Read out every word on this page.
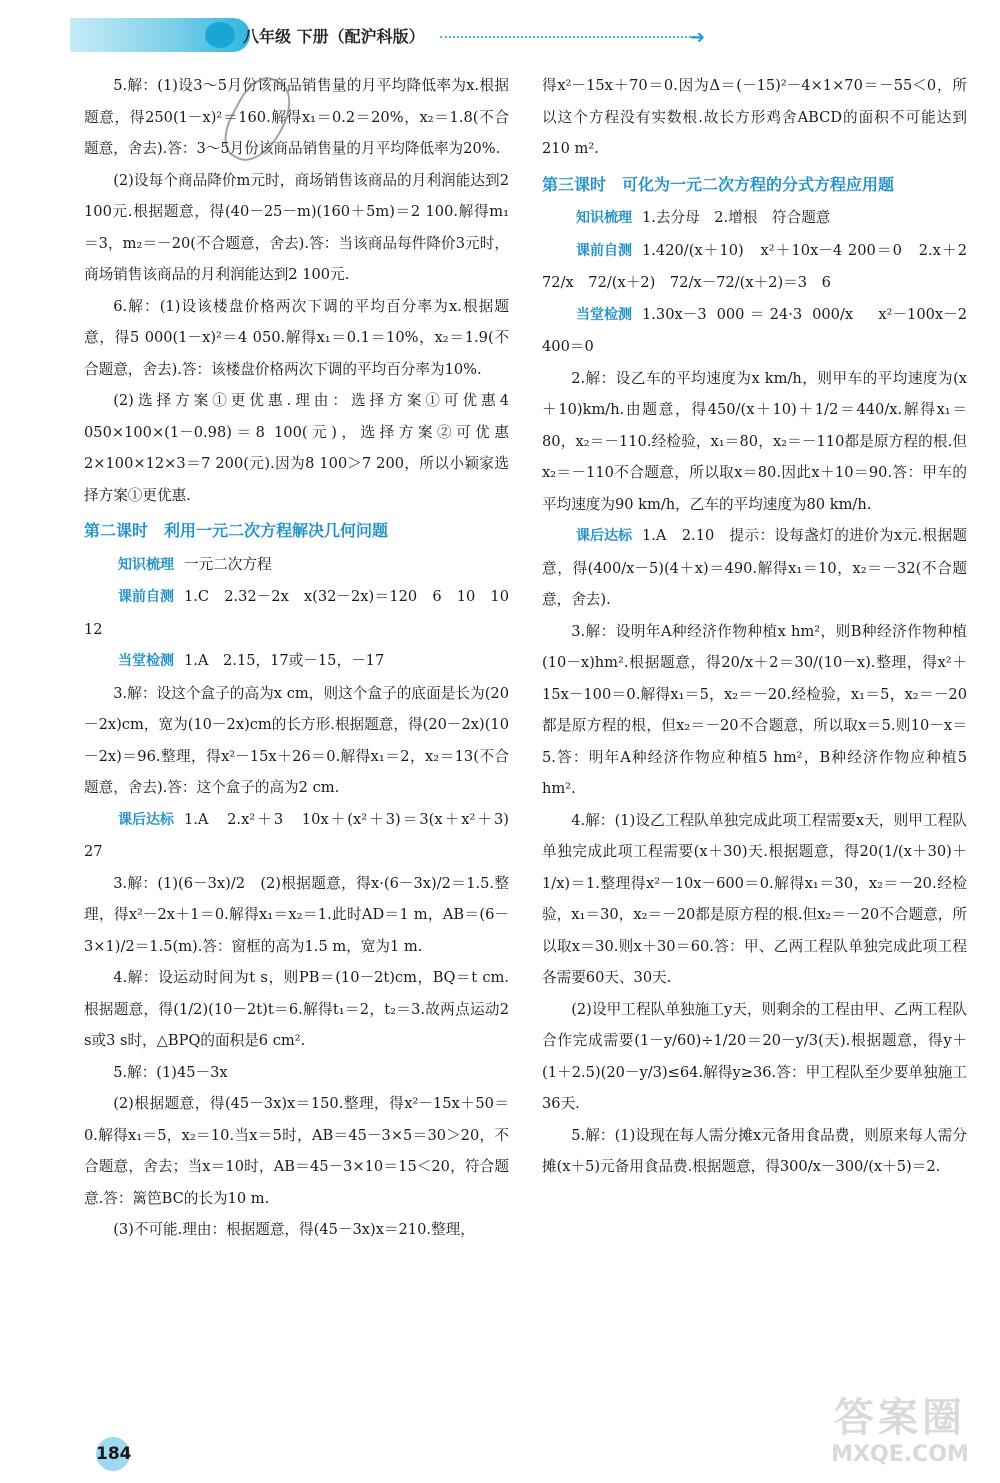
八年级 下册（配沪科版）	➜

5.解：(1)设3～5月份该商品销售量的月平均降低率为x.根据题意，得250(1－x)²＝160.解得x₁＝0.2＝20%，x₂＝1.8(不合题意，舍去).答：3～5月份该商品销售量的月平均降低率为20%.

(2)设每个商品降价m元时，商场销售该商品的月利润能达到2 100元.根据题意，得(40－25－m)(160＋5m)＝2 100.解得m₁＝3，m₂＝－20(不合题意，舍去).答：当该商品每件降价3元时，商场销售该商品的月利润能达到2 100元.

6.解：(1)设该楼盘价格两次下调的平均百分率为x.根据题意，得5 000(1－x)²＝4 050.解得x₁＝0.1＝10%，x₂＝1.9(不合题意，舍去).答：该楼盘价格两次下调的平均百分率为10%.

(2)选择方案①更优惠.理由：选择方案①可优惠4 050×100×(1－0.98)＝8 100(元)，选择方案②可优惠2×100×12×3＝7 200(元).因为8 100＞7 200，所以小颖家选择方案①更优惠.

第二课时　利用一元二次方程解决几何问题

知识梳理 一元二次方程

课前自测 1.C　2.32－2x　x(32－2x)＝120　6　10　10　12

当堂检测 1.A　2.15，17或－15，－17

3.解：设这个盒子的高为x cm，则这个盒子的底面是长为(20－2x)cm，宽为(10－2x)cm的长方形.根据题意，得(20－2x)(10－2x)＝96.整理，得x²－15x＋26＝0.解得x₁＝2，x₂＝13(不合题意，舍去).答：这个盒子的高为2 cm.

课后达标 1.A　2.x²＋3　10x＋(x²＋3)＝3(x＋x²＋3)　27

3.解：(1)(6－3x)/2　(2)根据题意，得x·(6－3x)/2＝1.5.整理，得x²－2x＋1＝0.解得x₁＝x₂＝1.此时AD＝1 m，AB＝(6－3×1)/2＝1.5(m).答：窗框的高为1.5 m，宽为1 m.

4.解：设运动时间为t s，则PB＝(10－2t)cm，BQ＝t cm.根据题意，得(1/2)(10－2t)t＝6.解得t₁＝2，t₂＝3.故两点运动2 s或3 s时，△BPQ的面积是6 cm².

5.解：(1)45－3x

(2)根据题意，得(45－3x)x＝150.整理，得x²－15x＋50＝0.解得x₁＝5，x₂＝10.当x＝5时，AB＝45－3×5＝30＞20，不合题意，舍去；当x＝10时，AB＝45－3×10＝15＜20，符合题意.答：篱笆BC的长为10 m.

(3)不可能.理由：根据题意，得(45－3x)x＝210.整理，

得x²－15x＋70＝0.因为Δ＝(－15)²－4×1×70＝－55＜0，所以这个方程没有实数根.故长方形鸡舍ABCD的面积不可能达到210 m².

第三课时　可化为一元二次方程的分式方程应用题

知识梳理 1.去分母　2.增根　符合题意

课前自测 1.420/(x＋10)　x²＋10x－4 200＝0　2.x＋2　72/x　72/(x＋2)　72/x－72/(x＋2)＝3　6

当堂检测 1.30x－3 000＝24·3 000/x　x²－100x－2 400＝0

2.解：设乙车的平均速度为x km/h，则甲车的平均速度为(x＋10)km/h.由题意，得450/(x＋10)＋1/2＝440/x.解得x₁＝80，x₂＝－110.经检验，x₁＝80，x₂＝－110都是原方程的根.但x₂＝－110不合题意，所以取x＝80.因此x＋10＝90.答：甲车的平均速度为90 km/h，乙车的平均速度为80 km/h.

课后达标 1.A　2.10　提示：设每盏灯的进价为x元.根据题意，得(400/x－5)(4＋x)＝490.解得x₁＝10，x₂＝－32(不合题意，舍去).

3.解：设明年A种经济作物种植x hm²，则B种经济作物种植(10－x)hm².根据题意，得20/x＋2＝30/(10－x).整理，得x²＋15x－100＝0.解得x₁＝5，x₂＝－20.经检验，x₁＝5，x₂＝－20都是原方程的根，但x₂＝－20不合题意，所以取x＝5.则10－x＝5.答：明年A种经济作物应种植5 hm²，B种经济作物应种植5 hm².

4.解：(1)设乙工程队单独完成此项工程需要x天，则甲工程队单独完成此项工程需要(x＋30)天.根据题意，得20(1/(x＋30)＋1/x)＝1.整理得x²－10x－600＝0.解得x₁＝30，x₂＝－20.经检验，x₁＝30，x₂＝－20都是原方程的根.但x₂＝－20不合题意，所以取x＝30.则x＋30＝60.答：甲、乙两工程队单独完成此项工程各需要60天、30天.

(2)设甲工程队单独施工y天，则剩余的工程由甲、乙两工程队合作完成需要(1－y/60)÷1/20＝20－y/3(天).根据题意，得y＋(1＋2.5)(20－y/3)≤64.解得y≥36.答：甲工程队至少要单独施工36天.

5.解：(1)设现在每人需分摊x元备用食品费，则原来每人需分摊(x＋5)元备用食品费.根据题意，得300/x－300/(x＋5)＝2.

184
答案圈
MXQE.COM
